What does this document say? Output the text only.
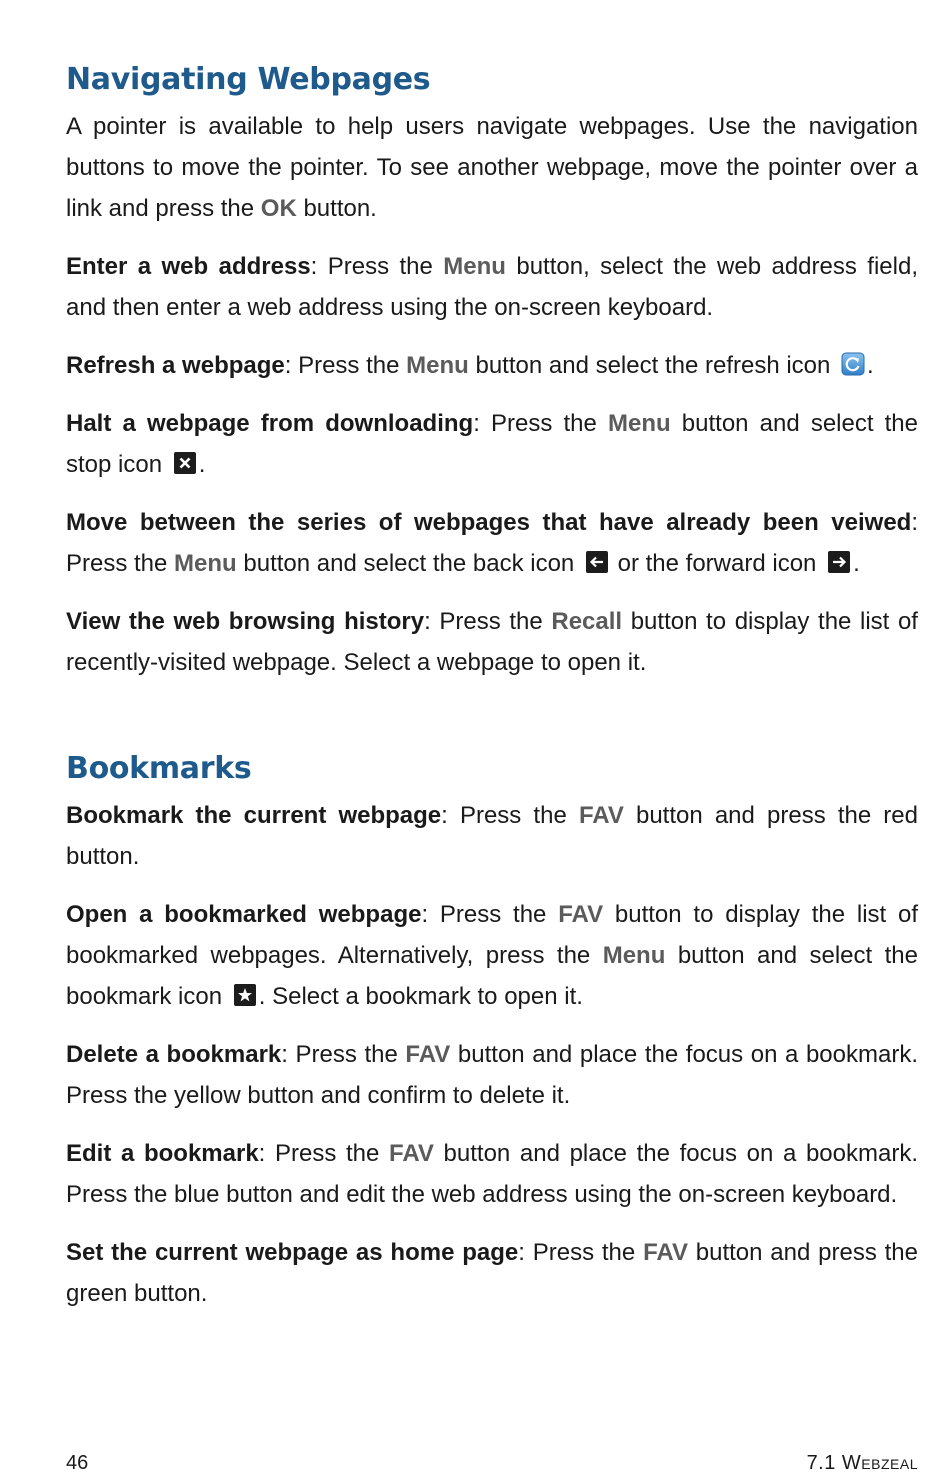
Navigating Webpages

A pointer is available to help users navigate webpages. Use the navigation buttons to move the pointer. To see another webpage, move the pointer over a link and press the OK button.

Enter a web address: Press the Menu button, select the web address field, and then enter a web address using the on-screen keyboard.

Refresh a webpage: Press the Menu button and select the refresh icon
.

Halt a webpage from downloading: Press the Menu button and select the stop icon
.

Move between the series of webpages that have already been veiwed: Press the Menu button and select the back icon
or the forward icon
.

View the web browsing history: Press the Recall button to display the list of recently-visited webpage. Select a webpage to open it.

Bookmarks

Bookmark the current webpage: Press the FAV button and press the red button.

Open a bookmarked webpage: Press the FAV button to display the list of bookmarked webpages. Alternatively, press the Menu button and select the bookmark icon
. Select a bookmark to open it.

Delete a bookmark: Press the FAV button and place the focus on a bookmark. Press the yellow button and confirm to delete it.

Edit a bookmark: Press the FAV button and place the focus on a bookmark. Press the blue button and edit the web address using the on-screen keyboard.

Set the current webpage as home page: Press the FAV button and press the green button.

46	7.1 Webzeal
